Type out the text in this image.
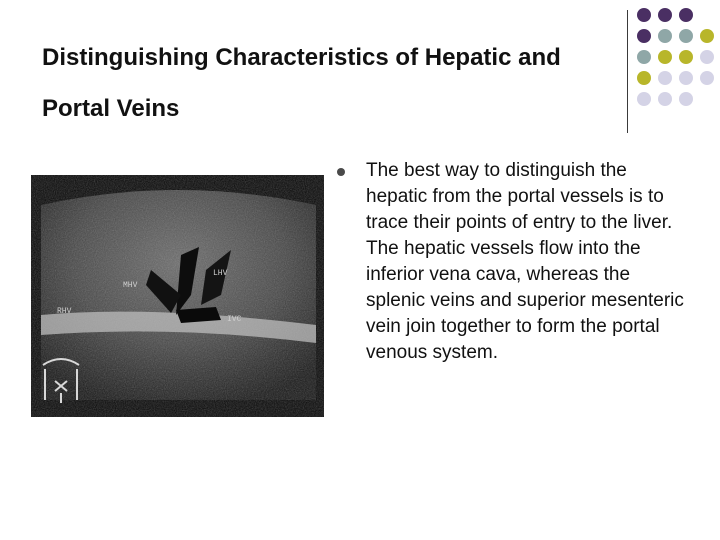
Distinguishing Characteristics of Hepatic and Portal Veins
LHV
MHV
RHV
IVC

The best way to distinguish the hepatic from the portal vessels is to trace their points of entry to the liver. The hepatic vessels flow into the inferior vena cava, whereas the splenic veins and superior mesenteric vein join together to form the portal venous system.
